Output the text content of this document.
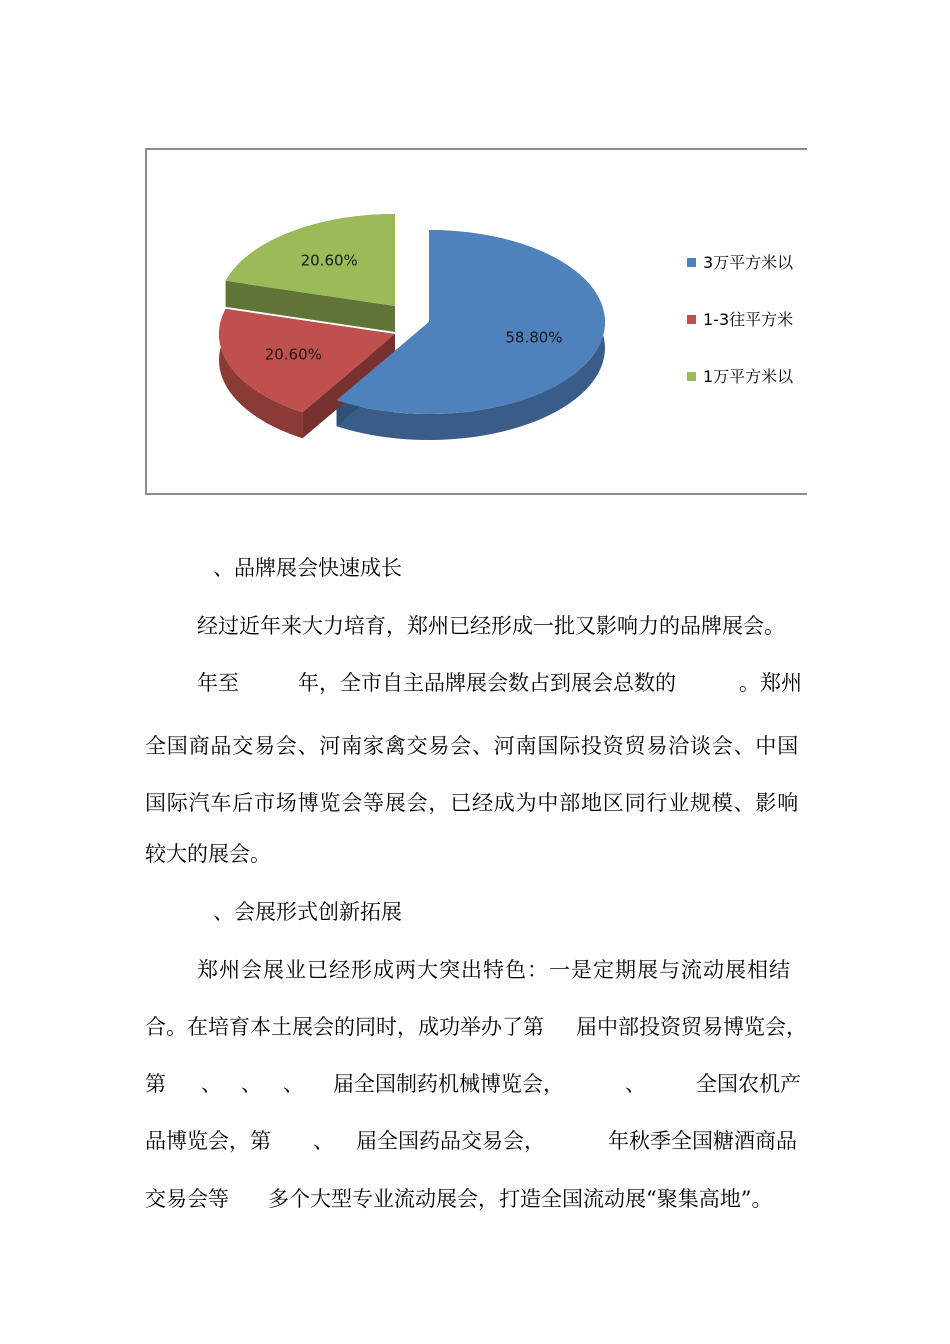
58.80%
20.60%
20.60%	3万平方米以
1-3往平方米
1万平方米以
、品牌展会快速成长
经过近年来大力培育，郑州已经形成一批又影响力的品牌展会。
年至	年，全市自主品牌展会数占到展会总数的	。郑州
全国商品交易会、河南家禽交易会、河南国际投资贸易洽谈会、中国
国际汽车后市场博览会等展会，已经成为中部地区同行业规模、影响
较大的展会。
、会展形式创新拓展
郑州会展业已经形成两大突出特色：一是定期展与流动展相结
合。在培育本土展会的同时，成功举办了第 届中部投资贸易博览会，
第 、 、 、 届全国制药机械博览会，	、 全国农机产
品博览会，第 、 届全国药品交易会，	年秋季全国糖酒商品
交易会等 多个大型专业流动展会，打造全国流动展“聚集高地”。
